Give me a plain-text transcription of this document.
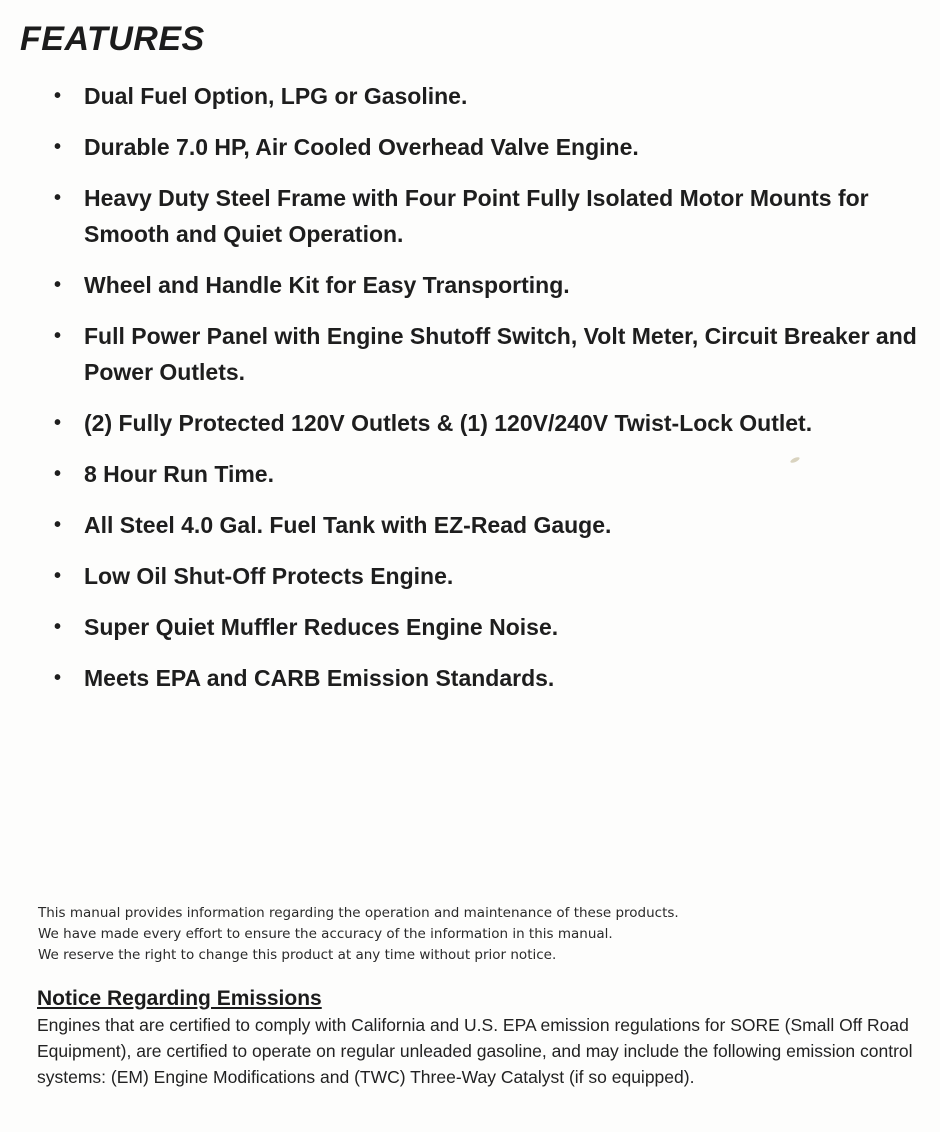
FEATURES
• Dual Fuel Option, LPG or Gasoline.
• Durable 7.0 HP, Air Cooled Overhead Valve Engine.
• Heavy Duty Steel Frame with Four Point Fully Isolated Motor Mounts for Smooth and Quiet Operation.
• Wheel and Handle Kit for Easy Transporting.
• Full Power Panel with Engine Shutoff Switch, Volt Meter, Circuit Breaker and Power Outlets.
• (2) Fully Protected 120V Outlets & (1) 120V/240V Twist-Lock Outlet.
• 8 Hour Run Time.
• All Steel 4.0 Gal. Fuel Tank with EZ-Read Gauge.
• Low Oil Shut-Off Protects Engine.
• Super Quiet Muffler Reduces Engine Noise.
• Meets EPA and CARB Emission Standards.

This manual provides information regarding the operation and maintenance of these products.

We have made every effort to ensure the accuracy of the information in this manual.

We reserve the right to change this product at any time without prior notice.

Notice Regarding Emissions

Engines that are certified to comply with California and U.S. EPA emission regulations for SORE (Small Off Road Equipment), are certified to operate on regular unleaded gasoline, and may include the following emission control systems: (EM) Engine Modifications and (TWC) Three-Way Catalyst (if so equipped).
